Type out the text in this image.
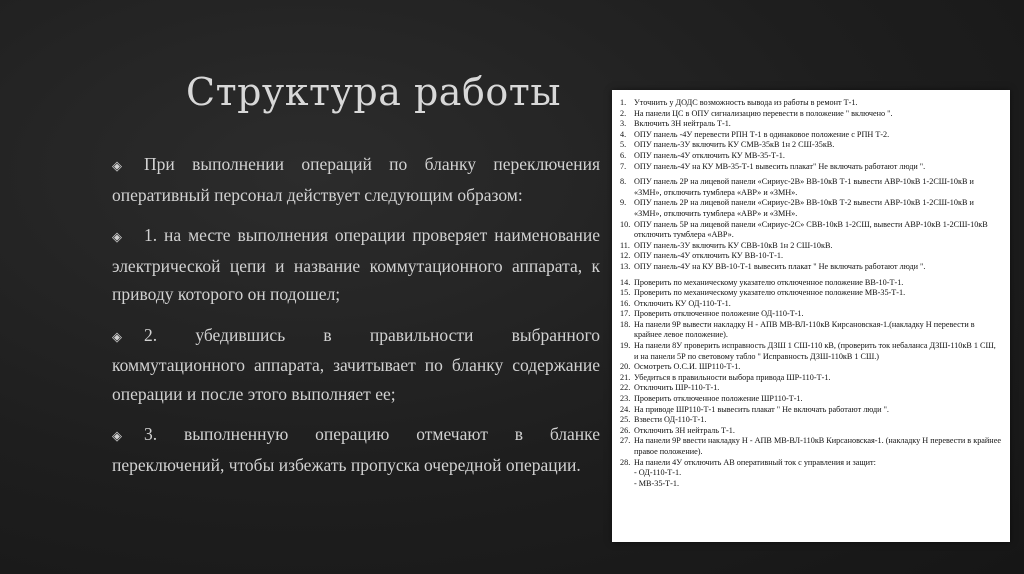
Структура работы

◈ При выполнении операций по бланку переключения оперативный персонал действует следующим образом:

◈ 1. на месте выполнения операции проверяет наименование электрической цепи и название коммутационного аппарата, к приводу которого он подошел;

◈ 2. убедившись в правильности выбранного коммутационного аппарата, зачитывает по бланку содержание операции и после этого выполняет ее;

◈ 3. выполненную операцию отмечают в бланке переключений, чтобы избежать пропуска очередной операции.

1. Уточнить у ДОДС возможность вывода из работы в ремонт Т-1.
2. На панели ЦС в ОПУ сигнализацию перевести в положение " включено ".
3. Включить ЗН нейтраль Т-1.
4. ОПУ панель -4У перевести РПН Т-1 в одинаковое положение с РПН Т-2.
5. ОПУ панель-3У включить КУ СМВ-35кВ 1н 2 СШ-35кВ.
6. ОПУ панель-4У отключить КУ МВ-35-Т-1.
7. ОПУ панель-4У на КУ МВ-35-Т-1 вывесить плакат" Не включать работают люди ".
8. ОПУ панель 2Р на лицевой панели «Сириус-2В» ВВ-10кВ Т-1 вывести АВР-10кВ 1-2СШ-10кВ и «ЗМН», отключить тумблера «АВР» и «ЗМН».
9. ОПУ панель 2Р на лицевой панели «Сириус-2В» ВВ-10кВ Т-2 вывести АВР-10кВ 1-2СШ-10кВ и «ЗМН», отключить тумблера «АВР» и «ЗМН».
10. ОПУ панель 5Р на лицевой панели «Сириус-2С» СВВ-10кВ 1-2СШ, вывести АВР-10кВ 1-2СШ-10кВ отключить тумблера «АВР».
11. ОПУ панель-3У включить КУ СВВ-10кВ 1н 2 СШ-10кВ.
12. ОПУ панель-4У отключить КУ ВВ-10-Т-1.
13. ОПУ панель-4У на КУ ВВ-10-Т-1 вывесить плакат " Не включать работают люди ".
14. Проверить по механическому указателю отключенное положение ВВ-10-Т-1.
15. Проверить по механическому указателю отключенное положение МВ-35-Т-1.
16. Отключить КУ ОД-110-Т-1.
17. Проверить отключенное положение ОД-110-Т-1.
18. На панели 9Р вывести накладку Н - АПВ МВ-ВЛ-110кВ Кирсановская-1.(накладку Н перевести в крайнее левое положение).
19. На панели 8У проверить исправность ДЗШ 1 СШ-110 кВ, (проверить ток небаланса ДЗШ-110кВ 1 СШ, и на панели 5Р по световому табло " Исправность ДЗШ-110кВ 1 СШ.)
20. Осмотреть О.С.И. ШР110-Т-1.
21. Убедиться в правильности выбора привода ШР-110-Т-1.
22. Отключить ШР-110-Т-1.
23. Проверить отключенное положение ШР110-Т-1.
24. На приводе ШР110-Т-1 вывесить плакат " Не включать работают люди ".
25. Взвести ОД-110-Т-1.
26. Отключить ЗН нейтраль Т-1.
27. На панели 9Р ввести накладку Н - АПВ МВ-ВЛ-110кВ Кирсановская-1. (накладку Н перевести в крайнее правое положение).
28. На панели 4У отключить АВ оперативный ток с управления и защит:
- ОД-110-Т-1.
- МВ-35-Т-1.
